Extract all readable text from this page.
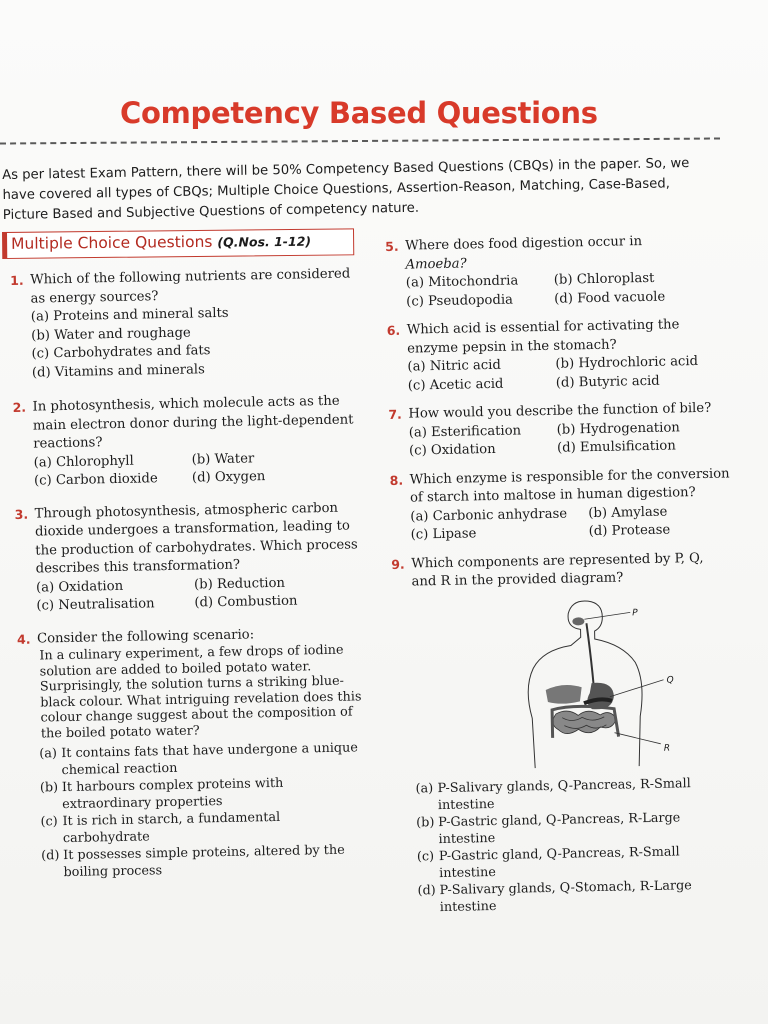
Competency Based Questions
As per latest Exam Pattern, there will be 50% Competency Based Questions (CBQs) in the paper. So, we
have covered all types of CBQs; Multiple Choice Questions, Assertion-Reason, Matching, Case-Based,
Picture Based and Subjective Questions of competency nature.
Multiple Choice Questions (Q.Nos. 1-12)
1. Which of the following nutrients are considered as energy sources?
(a) Proteins and mineral salts
(b) Water and roughage
(c) Carbohydrates and fats
(d) Vitamins and minerals
2. In photosynthesis, which molecule acts as the main electron donor during the light-dependent reactions?
(a) Chlorophyll	(b) Water
(c) Carbon dioxide	(d) Oxygen
3. Through photosynthesis, atmospheric carbon dioxide undergoes a transformation, leading to the production of carbohydrates. Which process describes this transformation?
(a) Oxidation	(b) Reduction
(c) Neutralisation	(d) Combustion
4. Consider the following scenario:
In a culinary experiment, a few drops of iodine solution are added to boiled potato water. Surprisingly, the solution turns a striking blue-black colour. What intriguing revelation does this colour change suggest about the composition of the boiled potato water?
(a) It contains fats that have undergone a unique chemical reaction
(b) It harbours complex proteins with extraordinary properties
(c) It is rich in starch, a fundamental carbohydrate
(d) It possesses simple proteins, altered by the boiling process
5. Where does food digestion occur in
Amoeba?
(a) Mitochondria	(b) Chloroplast
(c) Pseudopodia	(d) Food vacuole
6. Which acid is essential for activating the enzyme pepsin in the stomach?
(a) Nitric acid	(b) Hydrochloric acid
(c) Acetic acid	(d) Butyric acid
7. How would you describe the function of bile?
(a) Esterification	(b) Hydrogenation
(c) Oxidation	(d) Emulsification
8. Which enzyme is responsible for the conversion of starch into maltose in human digestion?
(a) Carbonic anhydrase	(b) Amylase
(c) Lipase	(d) Protease
9. Which components are represented by P, Q, and R in the provided diagram?
P
Q
R
(a) P-Salivary glands, Q-Pancreas, R-Small intestine
(b) P-Gastric gland, Q-Pancreas, R-Large intestine
(c) P-Gastric gland, Q-Pancreas, R-Small intestine
(d) P-Salivary glands, Q-Stomach, R-Large intestine
